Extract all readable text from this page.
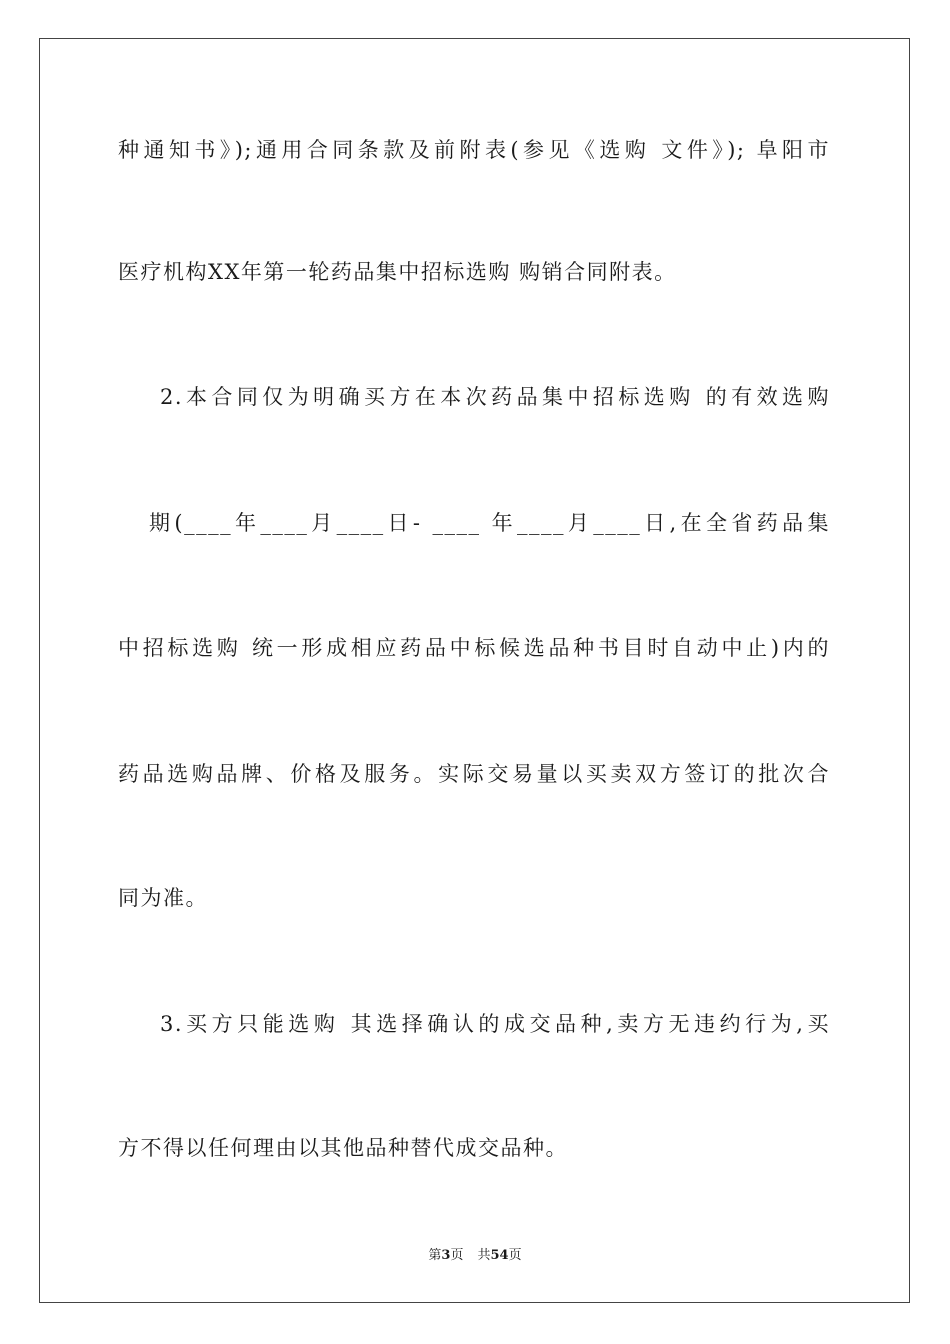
种通知书》);通用合同条款及前附表(参见《选购 文件》); 阜阳市
医疗机构XX年第一轮药品集中招标选购 购销合同附表。
2.本合同仅为明确买方在本次药品集中招标选购 的有效选购
期(____年____月____日- ____ 年____月____日,在全省药品集
中招标选购 统一形成相应药品中标候选品种书目时自动中止)内的
药品选购品牌、价格及服务。实际交易量以买卖双方签订的批次合
同为准。
3.买方只能选购 其选择确认的成交品种,卖方无违约行为,买
方不得以任何理由以其他品种替代成交品种。
第3页 共54页
